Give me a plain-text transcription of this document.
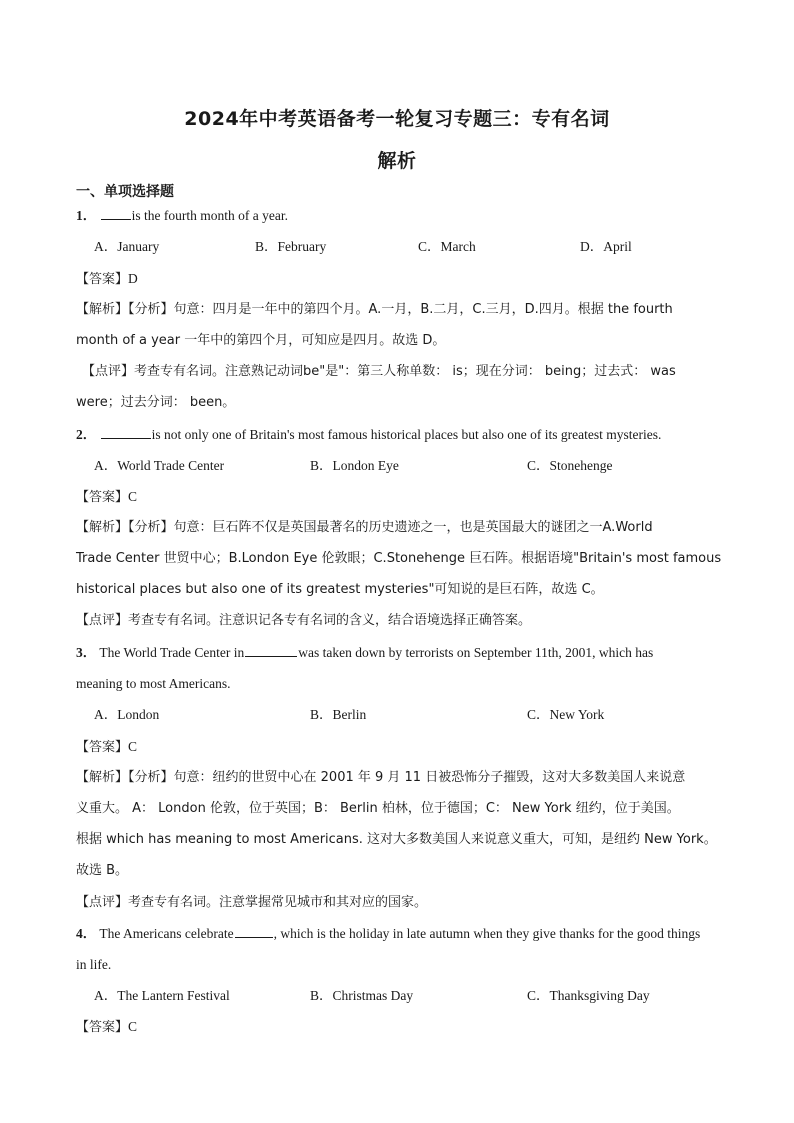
2024年中考英语备考一轮复习专题三：专有名词
解析
一、单项选择题
1．	is the fourth month of a year.
A．January	B．February	C．March	D．April
【答案】D
【解析】【分析】句意：四月是一年中的第四个月。A.一月，B.二月，C.三月，D.四月。根据 the fourth
month of a year 一年中的第四个月，可知应是四月。故选 D。
【点评】考查专有名词。注意熟记动词be"是"：第三人称单数： is；现在分词： being；过去式： was
were；过去分词： been。
2．	is not only one of Britain's most famous historical places but also one of its greatest mysteries.
A．World Trade Center	B．London Eye	C．Stonehenge
【答案】C
【解析】【分析】句意：巨石阵不仅是英国最著名的历史遗迹之一，也是英国最大的谜团之一A.World
Trade Center 世贸中心；B.London Eye 伦敦眼；C.Stonehenge 巨石阵。根据语境"Britain's most famous
historical places but also one of its greatest mysteries"可知说的是巨石阵，故选 C。
【点评】考查专有名词。注意识记各专有名词的含义，结合语境选择正确答案。
3． The World Trade Center in	was taken down by terrorists on September 11th, 2001, which has
meaning to most Americans.
A．London	B．Berlin	C．New York
【答案】C
【解析】【分析】句意：纽约的世贸中心在 2001 年 9 月 11 日被恐怖分子摧毁，这对大多数美国人来说意
义重大。 A： London 伦敦，位于英国；B： Berlin 柏林，位于德国；C： New York 纽约，位于美国。
根据 which has meaning to most Americans. 这对大多数美国人来说意义重大，可知，是纽约 New York。
故选 B。
【点评】考查专有名词。注意掌握常见城市和其对应的国家。
4． The Americans celebrate	, which is the holiday in late autumn when they give thanks for the good things
in life.
A．The Lantern Festival	B．Christmas Day	C．Thanksgiving Day
【答案】C
